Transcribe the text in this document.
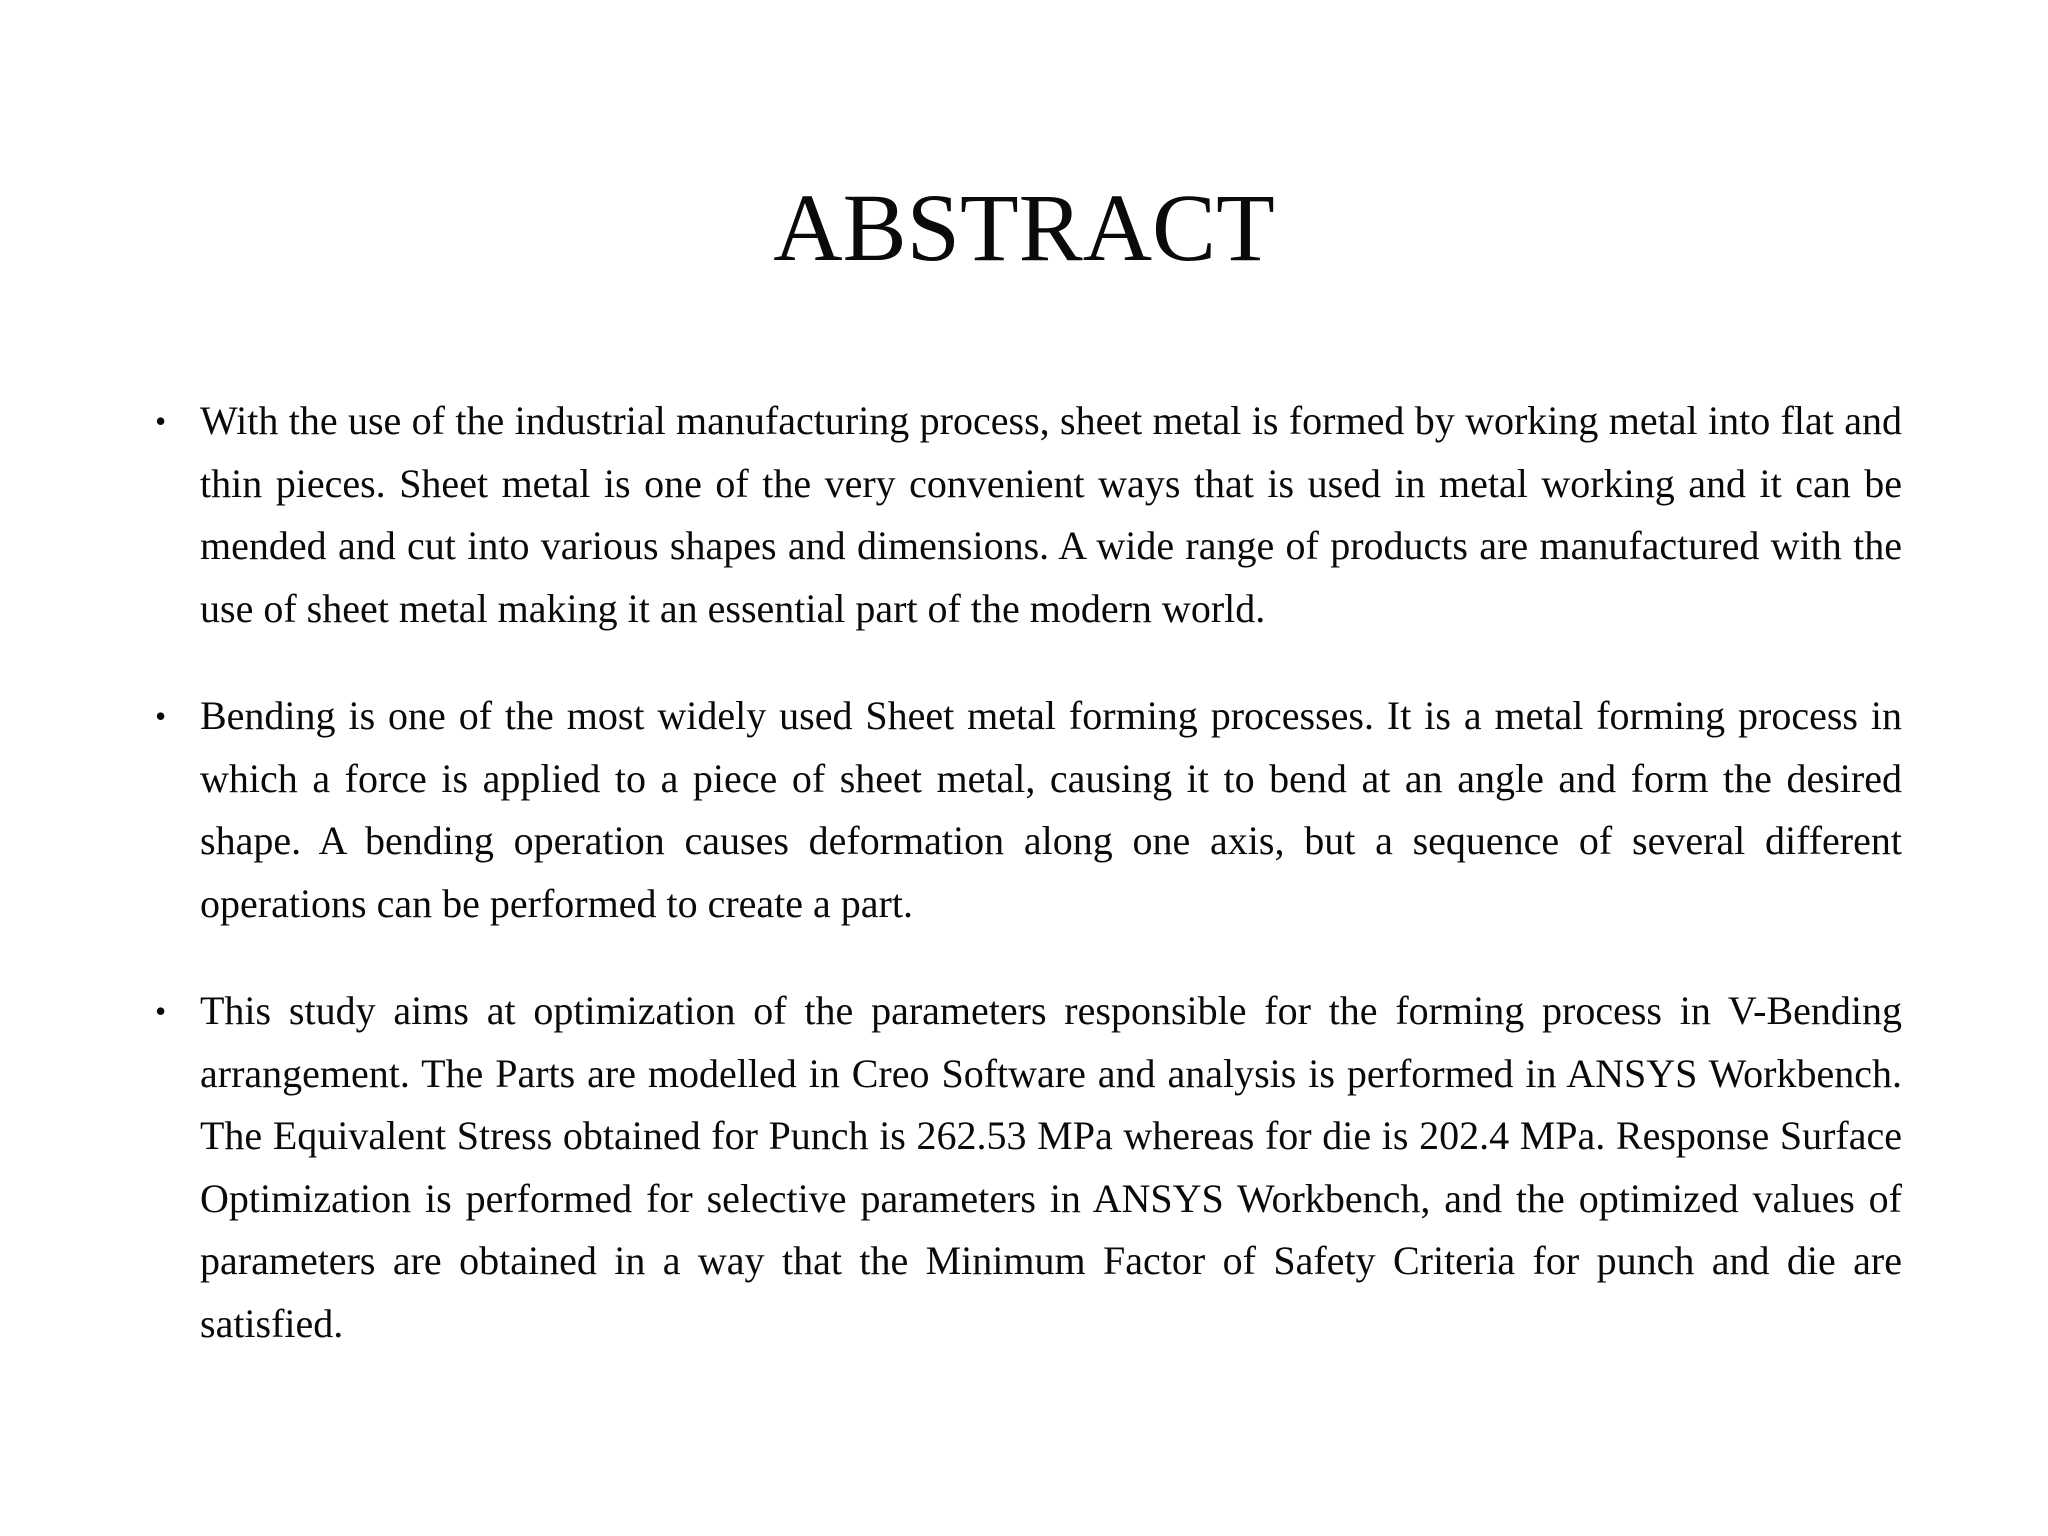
ABSTRACT
• With the use of the industrial manufacturing process, sheet metal is formed by working metal into flat and thin pieces. Sheet metal is one of the very convenient ways that is used in metal working and it can be mended and cut into various shapes and dimensions. A wide range of products are manufactured with the use of sheet metal making it an essential part of the modern world.
• Bending is one of the most widely used Sheet metal forming processes. It is a metal forming process in which a force is applied to a piece of sheet metal, causing it to bend at an angle and form the desired shape. A bending operation causes deformation along one axis, but a sequence of several different operations can be performed to create a part.
• This study aims at optimization of the parameters responsible for the forming process in V-Bending arrangement. The Parts are modelled in Creo Software and analysis is performed in ANSYS Workbench. The Equivalent Stress obtained for Punch is 262.53 MPa whereas for die is 202.4 MPa. Response Surface Optimization is performed for selective parameters in ANSYS Workbench, and the optimized values of parameters are obtained in a way that the Minimum Factor of Safety Criteria for punch and die are satisfied.
